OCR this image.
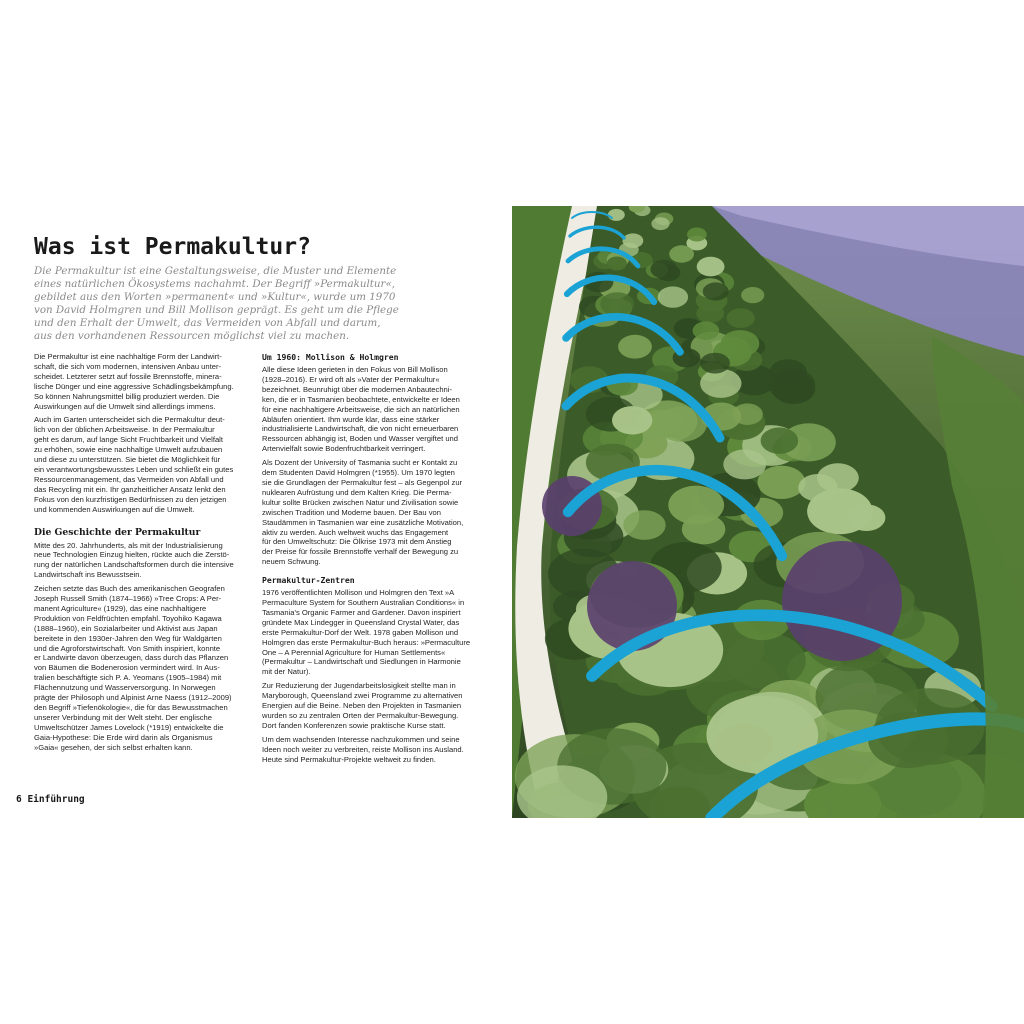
Was ist Permakultur?
Die Permakultur ist eine Gestaltungsweise, die Muster und Elemente
eines natürlichen Ökosystems nachahmt. Der Begriff »Permakultur«,
gebildet aus den Worten »permanent« und »Kultur«, wurde um 1970
von David Holmgren und Bill Mollison geprägt. Es geht um die Pflege
und den Erhalt der Umwelt, das Vermeiden von Abfall und darum,
aus den vorhandenen Ressourcen möglichst viel zu machen.

Die Permakultur ist eine nachhaltige Form der Landwirt-
schaft, die sich vom modernen, intensiven Anbau unter-
scheidet. Letzterer setzt auf fossile Brennstoffe, minera-
lische Dünger und eine aggressive Schädlingsbekämpfung.
So können Nahrungsmittel billig produziert werden. Die
Auswirkungen auf die Umwelt sind allerdings immens.

Auch im Garten unterscheidet sich die Permakultur deut-
lich von der üblichen Arbeitsweise. In der Permakultur
geht es darum, auf lange Sicht Fruchtbarkeit und Vielfalt
zu erhöhen, sowie eine nachhaltige Umwelt aufzubauen
und diese zu unterstützen. Sie bietet die Möglichkeit für
ein verantwortungsbewusstes Leben und schließt ein gutes
Ressourcenmanagement, das Vermeiden von Abfall und
das Recycling mit ein. Ihr ganzheitlicher Ansatz lenkt den
Fokus von den kurzfristigen Bedürfnissen zu den jetzigen
und kommenden Auswirkungen auf die Umwelt.

Die Geschichte der Permakultur

Mitte des 20. Jahrhunderts, als mit der Industrialisierung
neue Technologien Einzug hielten, rückte auch die Zerstö-
rung der natürlichen Landschaftsformen durch die intensive
Landwirtschaft ins Bewusstsein.

Zeichen setzte das Buch des amerikanischen Geografen
Joseph Russell Smith (1874–1966) »Tree Crops: A Per-
manent Agriculture« (1929), das eine nachhaltigere
Produktion von Feldfrüchten empfahl. Toyohiko Kagawa
(1888–1960), ein Sozialarbeiter und Aktivist aus Japan
bereitete in den 1930er-Jahren den Weg für Waldgärten
und die Agroforstwirtschaft. Von Smith inspiriert, konnte
er Landwirte davon überzeugen, dass durch das Pflanzen
von Bäumen die Bodenerosion vermindert wird. In Aus-
tralien beschäftigte sich P. A. Yeomans (1905–1984) mit
Flächennutzung und Wasserversorgung. In Norwegen
prägte der Philosoph und Alpinist Arne Naess (1912–2009)
den Begriff »Tiefenökologie«, die für das Bewusstmachen
unserer Verbindung mit der Welt steht. Der englische
Umweltschützer James Lovelock (*1919) entwickelte die
Gaia-Hypothese: Die Erde wird darin als Organismus
»Gaia« gesehen, der sich selbst erhalten kann.

Um 1960: Mollison & Holmgren

Alle diese Ideen gerieten in den Fokus von Bill Mollison
(1928–2016). Er wird oft als »Vater der Permakultur«
bezeichnet. Beunruhigt über die modernen Anbautechni-
ken, die er in Tasmanien beobachtete, entwickelte er Ideen
für eine nachhaltigere Arbeitsweise, die sich an natürlichen
Abläufen orientiert. Ihm wurde klar, dass eine stärker
industrialisierte Landwirtschaft, die von nicht erneuerbaren
Ressourcen abhängig ist, Boden und Wasser vergiftet und
Artenvielfalt sowie Bodenfruchtbarkeit verringert.

Als Dozent der University of Tasmania sucht er Kontakt zu
dem Studenten David Holmgren (*1955). Um 1970 legten
sie die Grundlagen der Permakultur fest – als Gegenpol zur
nuklearen Aufrüstung und dem Kalten Krieg. Die Perma-
kultur sollte Brücken zwischen Natur und Zivilisation sowie
zwischen Tradition und Moderne bauen. Der Bau von
Staudämmen in Tasmanien war eine zusätzliche Motivation,
aktiv zu werden. Auch weltweit wuchs das Engagement
für den Umweltschutz: Die Ölkrise 1973 mit dem Anstieg
der Preise für fossile Brennstoffe verhalf der Bewegung zu
neuem Schwung.

Permakultur-Zentren

1976 veröffentlichten Mollison und Holmgren den Text »A
Permaculture System for Southern Australian Conditions« in
Tasmania's Organic Farmer and Gardener. Davon inspiriert
gründete Max Lindegger in Queensland Crystal Water, das
erste Permakultur-Dorf der Welt. 1978 gaben Mollison und
Holmgren das erste Permakultur-Buch heraus: »Permaculture
One – A Perennial Agriculture for Human Settlements«
(Permakultur – Landwirtschaft und Siedlungen in Harmonie
mit der Natur).

Zur Reduzierung der Jugendarbeitslosigkeit stellte man in
Maryborough, Queensland zwei Programme zu alternativen
Energien auf die Beine. Neben den Projekten in Tasmanien
wurden so zu zentralen Orten der Permakultur-Bewegung.
Dort fanden Konferenzen sowie praktische Kurse statt.

Um dem wachsenden Interesse nachzukommen und seine
Ideen noch weiter zu verbreiten, reiste Mollison ins Ausland.
Heute sind Permakultur-Projekte weltweit zu finden.

6 Einführung
